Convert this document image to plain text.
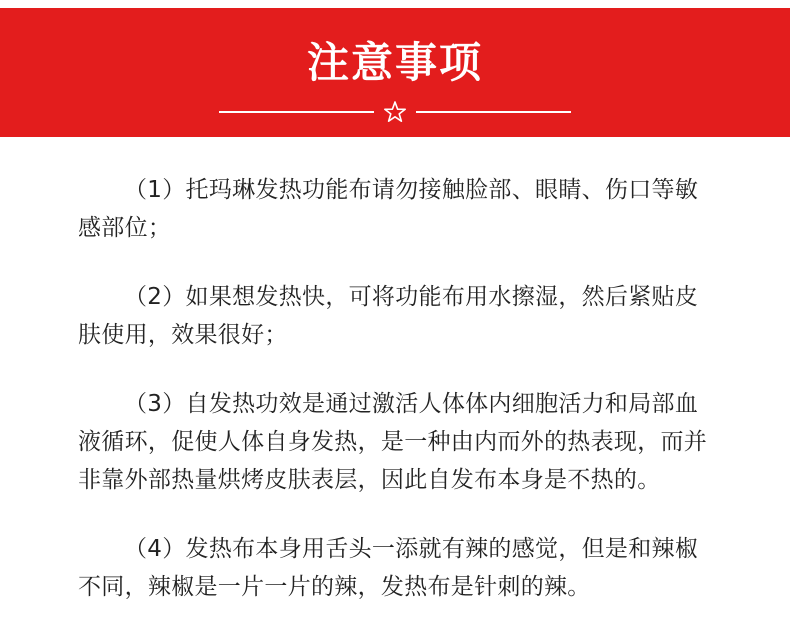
注意事项

（1）托玛琳发热功能布请勿接触脸部、眼睛、伤口等敏感部位；

（2）如果想发热快，可将功能布用水擦湿，然后紧贴皮肤使用，效果很好；

（3）自发热功效是通过激活人体体内细胞活力和局部血液循环，促使人体自身发热，是一种由内而外的热表现，而并非靠外部热量烘烤皮肤表层，因此自发布本身是不热的。

（4）发热布本身用舌头一添就有辣的感觉，但是和辣椒不同，辣椒是一片一片的辣，发热布是针刺的辣。
